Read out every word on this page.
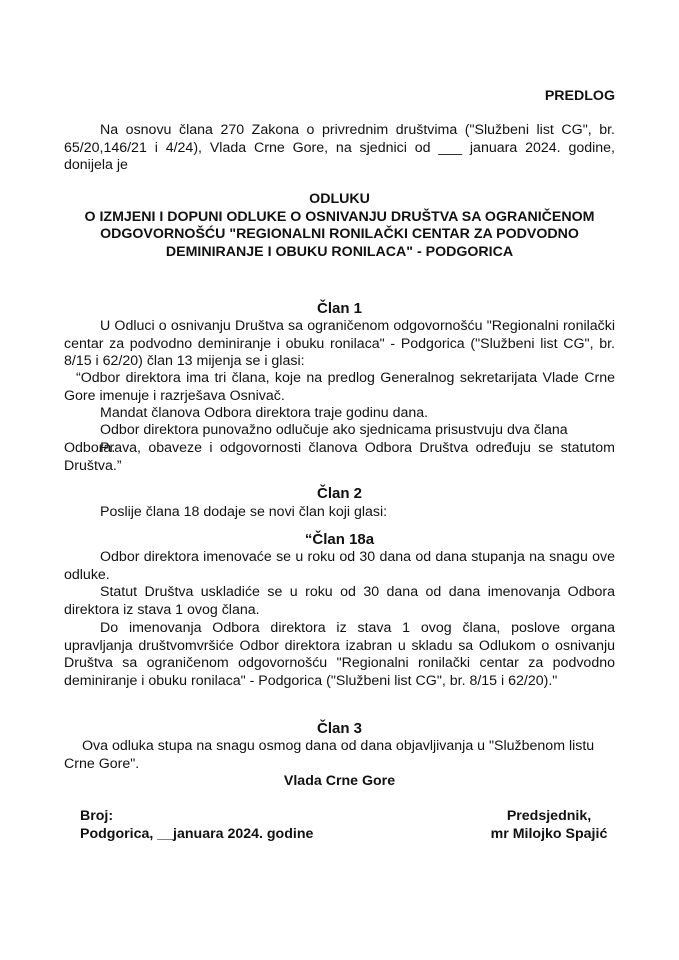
PREDLOG

Na osnovu člana 270 Zakona o privrednim društvima ("Službeni list CG", br. 65/20,146/21 i 4/24), Vlada Crne Gore, na sjednici od ___ januara 2024. godine, donijela je

ODLUKU
O IZMJENI I DOPUNI ODLUKE O OSNIVANJU DRUŠTVA SA OGRANIČENOM
ODGOVORNOŠĆU "REGIONALNI RONILAČKI CENTAR ZA PODVODNO
DEMINIRANJE I OBUKU RONILACA" - PODGORICA

Član 1

U Odluci o osnivanju Društva sa ograničenom odgovornošću "Regionalni ronilački centar za podvodno deminiranje i obuku ronilaca" - Podgorica ("Službeni list CG", br. 8/15 i 62/20) član 13 mijenja se i glasi:

“Odbor direktora ima tri člana, koje na predlog Generalnog sekretarijata Vlade Crne Gore imenuje i razrješava Osnivač.

Mandat članova Odbora direktora traje godinu dana.

Odbor direktora punovažno odlučuje ako sjednicama prisustvuju dva člana Odbora.

Prava, obaveze i odgovornosti članova Odbora Društva određuju se statutom Društva.”

Član 2

Poslije člana 18 dodaje se novi član koji glasi:

“Član 18a

Odbor direktora imenovaće se u roku od 30 dana od dana stupanja na snagu ove odluke.

Statut Društva uskladiće se u roku od 30 dana od dana imenovanja Odbora direktora iz stava 1 ovog člana.

Do imenovanja Odbora direktora iz stava 1 ovog člana, poslove organa upravljanja društvomvršiće Odbor direktora izabran u skladu sa Odlukom o osnivanju Društva sa ograničenom odgovornošću "Regionalni ronilački centar za podvodno deminiranje i obuku ronilaca" - Podgorica ("Službeni list CG", br. 8/15 i 62/20)."

Član 3

Ova odluka stupa na snagu osmog dana od dana objavljivanja u "Službenom listu Crne Gore".

Vlada Crne Gore

Broj:
Podgorica, __januara 2024. godine
Predsjednik,
mr Milojko Spajić
